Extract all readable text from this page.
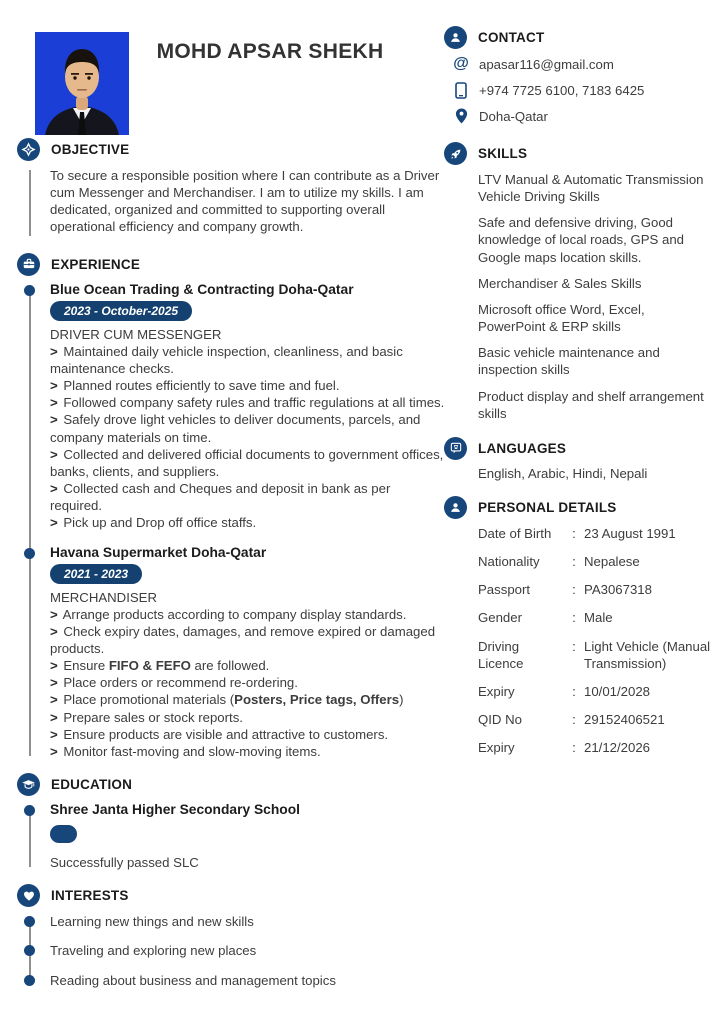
MOHD APSAR SHEKH
OBJECTIVE

To secure a responsible position where I can contribute as a Driver cum Messenger and Merchandiser. I am to utilize my skills. I am dedicated, organized and committed to supporting overall operational efficiency and company growth.

EXPERIENCE
Blue Ocean Trading & Contracting Doha-Qatar
2023 - October-2025

DRIVER CUM MESSENGER

> Maintained daily vehicle inspection, cleanliness, and basic maintenance checks.

> Planned routes efficiently to save time and fuel.

> Followed company safety rules and traffic regulations at all times.

> Safely drove light vehicles to deliver documents, parcels, and company materials on time.

> Collected and delivered official documents to government offices, banks, clients, and suppliers.

> Collected cash and Cheques and deposit in bank as per required.

> Pick up and Drop off office staffs.

Havana Supermarket Doha-Qatar
2021 - 2023

MERCHANDISER

> Arrange products according to company display standards.

> Check expiry dates, damages, and remove expired or damaged products.

> Ensure FIFO & FEFO are followed.

> Place orders or recommend re-ordering.

> Place promotional materials (Posters, Price tags, Offers)

> Prepare sales or stock reports.

> Ensure products are visible and attractive to customers.

> Monitor fast-moving and slow-moving items.

EDUCATION
Shree Janta Higher Secondary School

Successfully passed SLC

INTERESTS

Learning new things and new skills

Traveling and exploring new places

Reading about business and management topics

CONTACT
@ apasar116@gmail.com
+974 7725 6100, 7183 6425
Doha-Qatar
SKILLS

LTV Manual & Automatic Transmission Vehicle Driving Skills

Safe and defensive driving, Good knowledge of local roads, GPS and Google maps location skills.

Merchandiser & Sales Skills

Microsoft office Word, Excel, PowerPoint & ERP skills

Basic vehicle maintenance and inspection skills

Product display and shelf arrangement skills

LANGUAGES

English, Arabic, Hindi, Nepali

PERSONAL DETAILS
Date of Birth	: 23 August 1991
Nationality	: Nepalese
Passport	: PA3067318
Gender	: Male
Driving Licence
: Light Vehicle (Manual Transmission)
Expiry	: 10/01/2028
QID No	: 29152406521
Expiry	: 21/12/2026
